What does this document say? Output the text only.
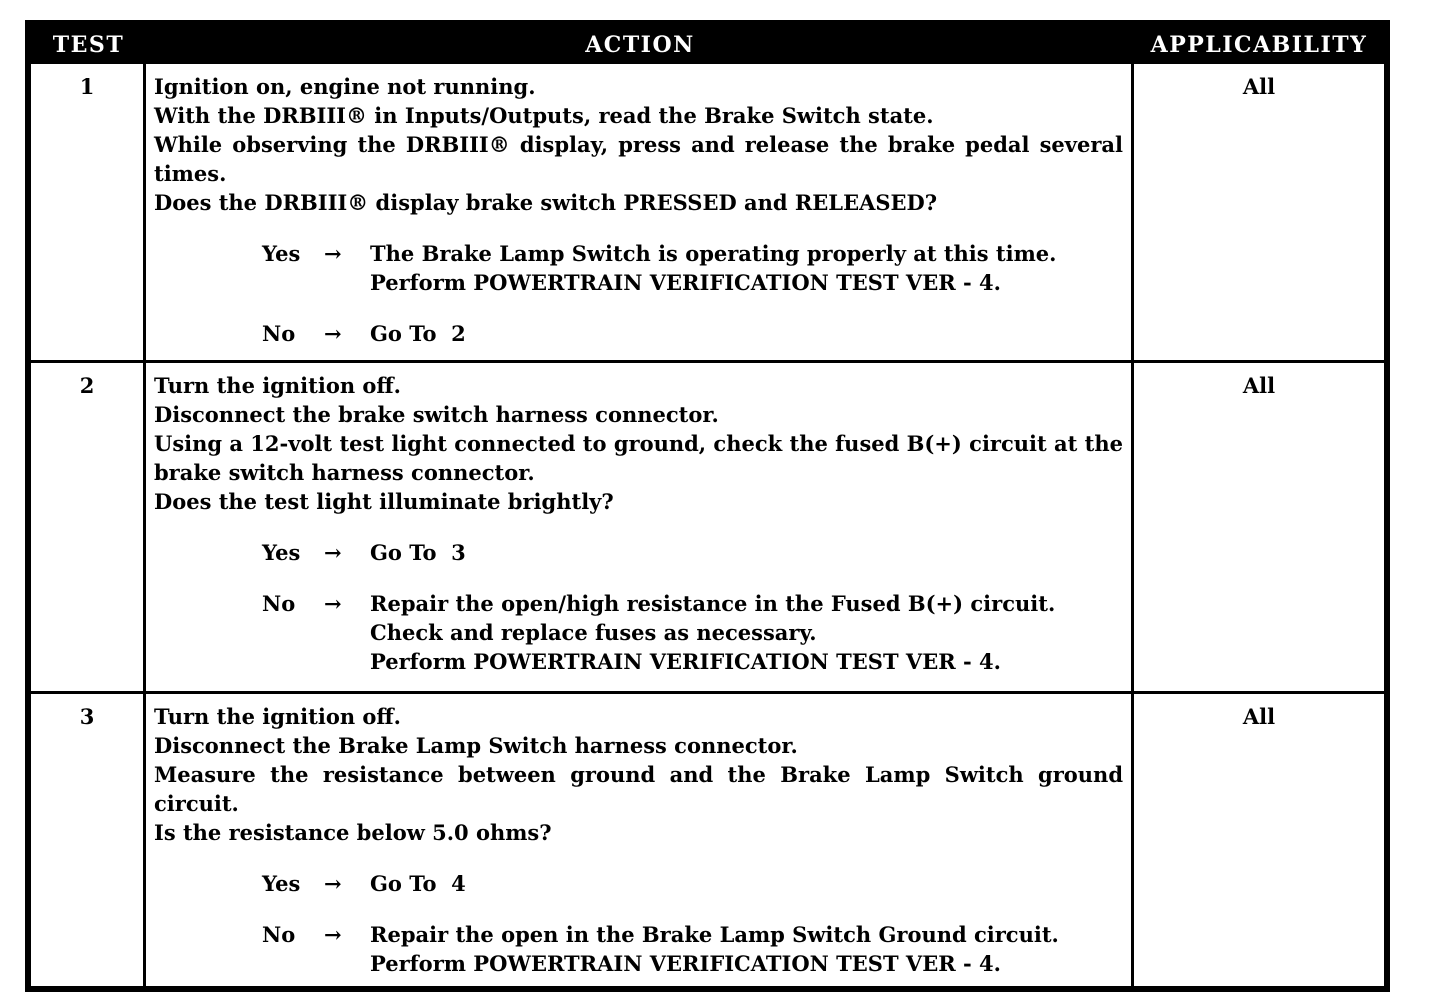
TEST	ACTION	APPLICABILITY
1	Ignition on, engine not running.

With the DRBIII® in Inputs/Outputs, read the Brake Switch state.

While observing the DRBIII® display, press and release the brake pedal several times.

Does the DRBIII® display brake switch PRESSED and RELEASED?

Yes	→	The Brake Lamp Switch is operating properly at this time.

Perform POWERTRAIN VERIFICATION TEST VER - 4.

No	→	Go To  2

All
2	Turn the ignition off.

Disconnect the brake switch harness connector.

Using a 12-volt test light connected to ground, check the fused B(+) circuit at the brake switch harness connector.

Does the test light illuminate brightly?

Yes	→	Go To  3

No	→	Repair the open/high resistance in the Fused B(+) circuit. Check and replace fuses as necessary.

Perform POWERTRAIN VERIFICATION TEST VER - 4.

All
3	Turn the ignition off.

Disconnect the Brake Lamp Switch harness connector.

Measure the resistance between ground and the Brake Lamp Switch ground circuit.

Is the resistance below 5.0 ohms?

Yes	→	Go To  4

No	→	Repair the open in the Brake Lamp Switch Ground circuit.

Perform POWERTRAIN VERIFICATION TEST VER - 4.

All
